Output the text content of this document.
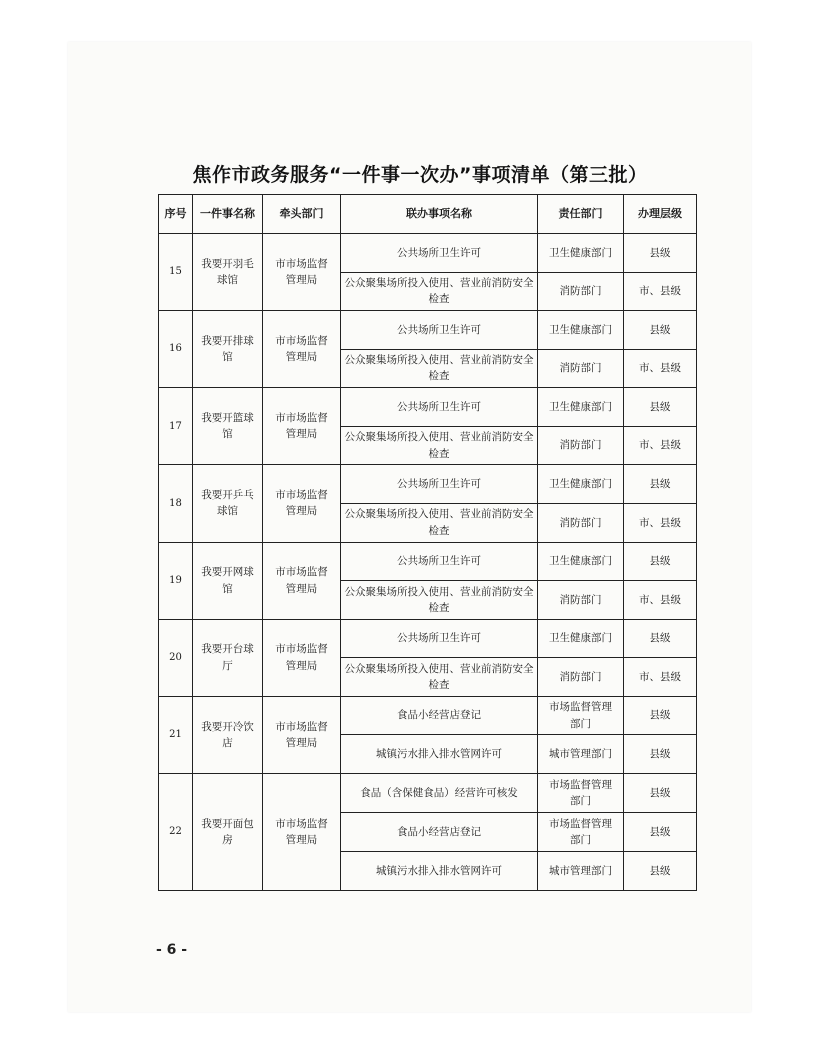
焦作市政务服务“一件事一次办”事项清单（第三批）
序号	一件事名称	牵头部门	联办事项名称	责任部门	办理层级
15	我要开羽毛球馆	市市场监督管理局	公共场所卫生许可	卫生健康部门	县级
			公众聚集场所投入使用、营业前消防安全检查	消防部门	市、县级
16	我要开排球馆	市市场监督管理局	公共场所卫生许可	卫生健康部门	县级
			公众聚集场所投入使用、营业前消防安全检查	消防部门	市、县级
17	我要开篮球馆	市市场监督管理局	公共场所卫生许可	卫生健康部门	县级
			公众聚集场所投入使用、营业前消防安全检查	消防部门	市、县级
18	我要开乒乓球馆	市市场监督管理局	公共场所卫生许可	卫生健康部门	县级
			公众聚集场所投入使用、营业前消防安全检查	消防部门	市、县级
19	我要开网球馆	市市场监督管理局	公共场所卫生许可	卫生健康部门	县级
			公众聚集场所投入使用、营业前消防安全检查	消防部门	市、县级
20	我要开台球厅	市市场监督管理局	公共场所卫生许可	卫生健康部门	县级
			公众聚集场所投入使用、营业前消防安全检查	消防部门	市、县级
21	我要开冷饮店	市市场监督管理局	食品小经营店登记	市场监督管理部门	县级
			城镇污水排入排水管网许可	城市管理部门	县级
22	我要开面包房	市市场监督管理局	食品（含保健食品）经营许可核发	市场监督管理部门	县级
			食品小经营店登记	市场监督管理部门	县级
			城镇污水排入排水管网许可	城市管理部门	县级
- 6 -
